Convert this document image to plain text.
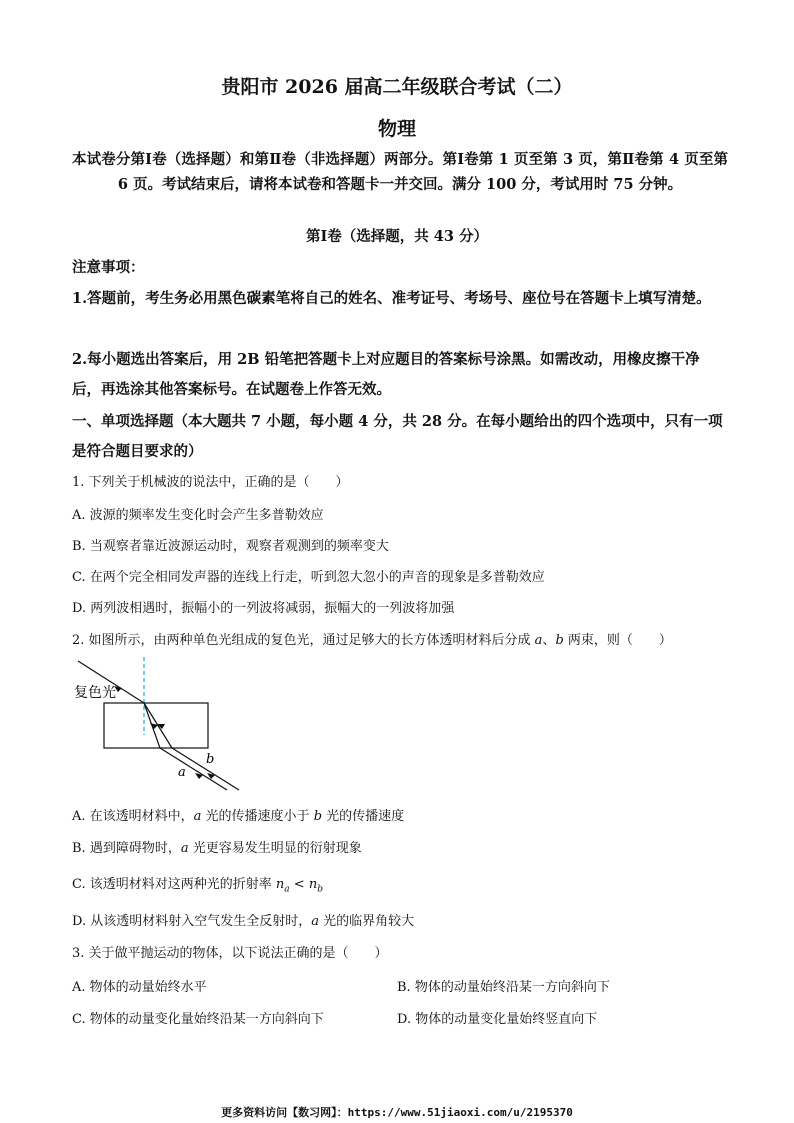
贵阳市 2026 届高二年级联合考试（二）
物理
本试卷分第Ⅰ卷（选择题）和第Ⅱ卷（非选择题）两部分。第Ⅰ卷第 1 页至第 3 页，第Ⅱ卷第 4 页至第 6 页。考试结束后，请将本试卷和答题卡一并交回。满分 100 分，考试用时 75 分钟。
第Ⅰ卷（选择题，共 43 分）
注意事项：
1.答题前，考生务必用黑色碳素笔将自己的姓名、准考证号、考场号、座位号在答题卡上填写清楚。
2.每小题选出答案后，用 2B 铅笔把答题卡上对应题目的答案标号涂黑。如需改动，用橡皮擦干净后，再选涂其他答案标号。在试题卷上作答无效。
一、单项选择题（本大题共 7 小题，每小题 4 分，共 28 分。在每小题给出的四个选项中，只有一项是符合题目要求的）
1. 下列关于机械波的说法中，正确的是（　　）
A. 波源的频率发生变化时会产生多普勒效应
B. 当观察者靠近波源运动时，观察者观测到的频率变大
C. 在两个完全相同发声器的连线上行走，听到忽大忽小的声音的现象是多普勒效应
D. 两列波相遇时，振幅小的一列波将减弱，振幅大的一列波将加强
2. 如图所示，由两种单色光组成的复色光，通过足够大的长方体透明材料后分成 a、b 两束，则（　　）
复色光
a
b
A. 在该透明材料中，a 光的传播速度小于 b 光的传播速度
B. 遇到障碍物时，a 光更容易发生明显的衍射现象
C. 该透明材料对这两种光的折射率 $n_a < n_b$
D. 从该透明材料射入空气发生全反射时，a 光的临界角较大
3. 关于做平抛运动的物体，以下说法正确的是（　　）
A. 物体的动量始终水平	B. 物体的动量始终沿某一方向斜向下
C. 物体的动量变化量始终沿某一方向斜向下	D. 物体的动量变化量始终竖直向下
更多资料访问【数习网】：https://www.51jiaoxi.com/u/2195370
